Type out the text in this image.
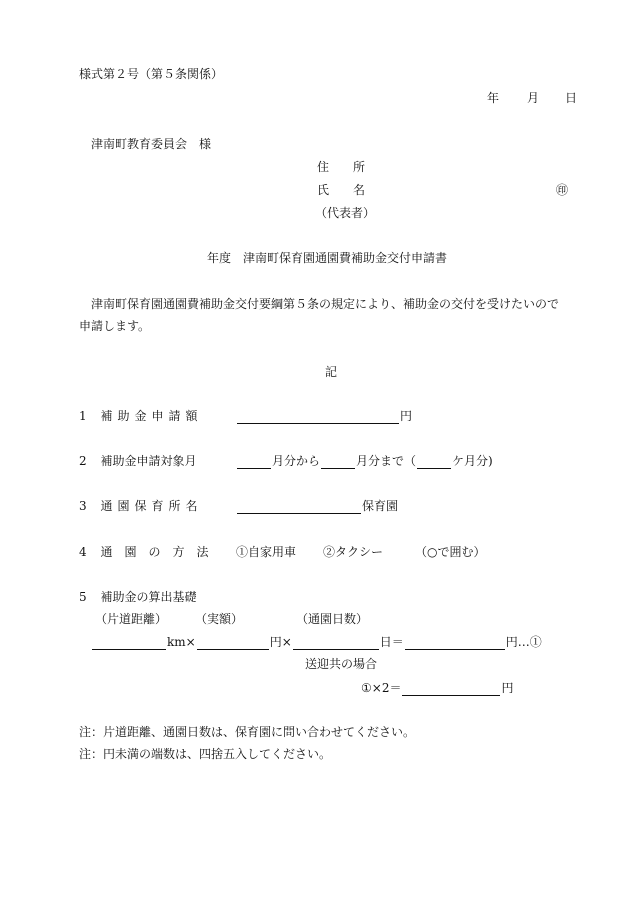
様式第２号（第５条関係）
年 月 日
津南町教育委員会　様
住　　所
氏　　名	㊞
（代表者）
年度　津南町保育園通園費補助金交付申請書
津南町保育園通園費補助金交付要綱第５条の規定により、補助金の交付を受けたいので
申請します。
記
1 補助金申請額	円
2 補助金申請対象月	月分から	月分まで（	ケ月分)
3 通園保育所名	保育園
4 通園の方法 ①自家用車 ②タクシー	（○で囲む）
5 補助金の算出基礎
（片道距離） （実額）	（通園日数）
km×	円×	日＝	円…①
送迎共の場合
①×2＝	円
注：片道距離、通園日数は、保育園に問い合わせてください。
注：円未満の端数は、四捨五入してください。
